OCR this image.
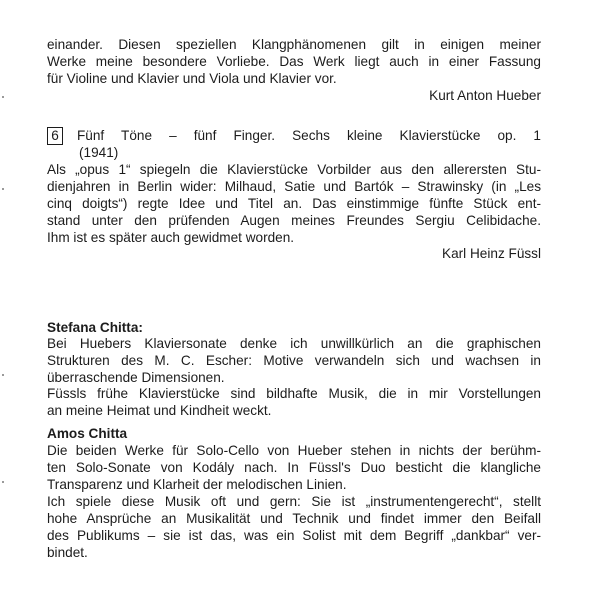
einander. Diesen speziellen Klangphänomenen gilt in einigen meiner
Werke meine besondere Vorliebe. Das Werk liegt auch in einer Fassung
für Violine und Klavier und Viola und Klavier vor.
Kurt Anton Hueber
6	Fünf Töne – fünf Finger. Sechs kleine Klavierstücke op. 1
(1941)
Als „opus 1“ spiegeln die Klavierstücke Vorbilder aus den allerersten Stu-
dienjahren in Berlin wider: Milhaud, Satie und Bartók – Strawinsky (in „Les
cinq doigts“) regte Idee und Titel an. Das einstimmige fünfte Stück ent-
stand unter den prüfenden Augen meines Freundes Sergiu Celibidache.
Ihm ist es später auch gewidmet worden.
Karl Heinz Füssl
Stefana Chitta:
Bei Huebers Klaviersonate denke ich unwillkürlich an die graphischen
Strukturen des M. C. Escher: Motive verwandeln sich und wachsen in
überraschende Dimensionen.
Füssls frühe Klavierstücke sind bildhafte Musik, die in mir Vorstellungen
an meine Heimat und Kindheit weckt.
Amos Chitta
Die beiden Werke für Solo-Cello von Hueber stehen in nichts der berühm-
ten Solo-Sonate von Kodály nach. In Füssl's Duo besticht die klangliche
Transparenz und Klarheit der melodischen Linien.
Ich spiele diese Musik oft und gern: Sie ist „instrumentengerecht“, stellt
hohe Ansprüche an Musikalität und Technik und findet immer den Beifall
des Publikums – sie ist das, was ein Solist mit dem Begriff „dankbar“ ver-
bindet.
